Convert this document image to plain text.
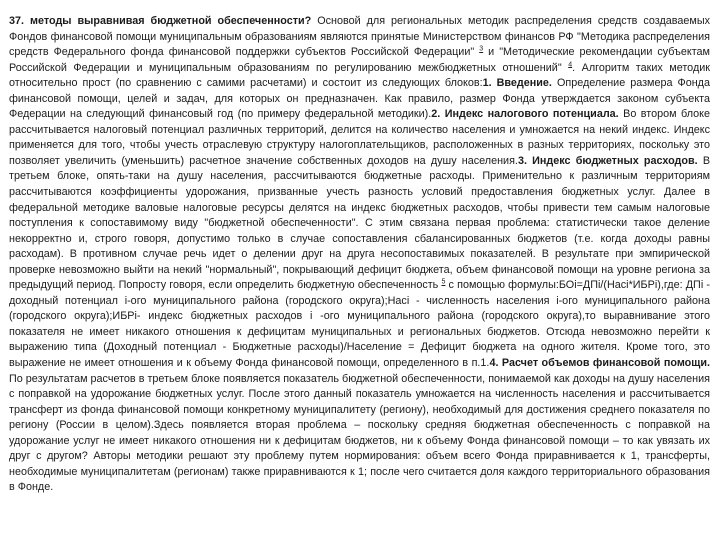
37. методы выравнивая бюджетной обеспеченности? Основой для региональных методик распределения средств создаваемых Фондов финансовой помощи муниципальным образованиям являются принятые Министерством финансов РФ "Методика распределения средств Федерального фонда финансовой поддержки субъектов Российской Федерации" $^3$ и "Методические рекомендации субъектам Российской Федерации и муниципальным образованиям по регулированию межбюджетных отношений" $^4$. Алгоритм таких методик относительно прост (по сравнению с самими расчетами) и состоит из следующих блоков:1. Введение. Определение размера Фонда финансовой помощи, целей и задач, для которых он предназначен. Как правило, размер Фонда утверждается законом субъекта Федерации на следующий финансовый год (по примеру федеральной методики).2. Индекс налогового потенциала. Во втором блоке рассчитывается налоговый потенциал различных территорий, делится на количество населения и умножается на некий индекс. Индекс применяется для того, чтобы учесть отраслевую структуру налогоплательщиков, расположенных в разных территориях, поскольку это позволяет увеличить (уменьшить) расчетное значение собственных доходов на душу населения.3. Индекс бюджетных расходов. В третьем блоке, опять-таки на душу населения, рассчитываются бюджетные расходы. Применительно к различным территориям рассчитываются коэффициенты удорожания, призванные учесть разность условий предоставления бюджетных услуг. Далее в федеральной методике валовые налоговые ресурсы делятся на индекс бюджетных расходов, чтобы привести тем самым налоговые поступления к сопоставимому виду "бюджетной обеспеченности". С этим связана первая проблема: статистически такое деление некорректно и, строго говоря, допустимо только в случае сопоставления сбалансированных бюджетов (т.е. когда доходы равны расходам). В противном случае речь идет о делении друг на друга несопоставимых показателей. В результате при эмпирической проверке невозможно выйти на некий "нормальный", покрывающий дефицит бюджета, объем финансовой помощи на уровне региона за предыдущий период. Попросту говоря, если определить бюджетную обеспеченность $^5$ с помощью формулы:БОi=ДПi/(Насi*ИБРi),где: ДПi - доходный потенциал i-ого муниципального района (городского округа);Насi - численность населения i-ого муниципального района (городского округа);ИБРi- индекс бюджетных расходов i -ого муниципального района (городского округа),то выравнивание этого показателя не имеет никакого отношения к дефицитам муниципальных и региональных бюджетов. Отсюда невозможно перейти к выражению типа (Доходный потенциал - Бюджетные расходы)/Население = Дефицит бюджета на одного жителя. Кроме того, это выражение не имеет отношения и к объему Фонда финансовой помощи, определенного в п.1.4. Расчет объемов финансовой помощи. По результатам расчетов в третьем блоке появляется показатель бюджетной обеспеченности, понимаемой как доходы на душу населения с поправкой на удорожание бюджетных услуг. После этого данный показатель умножается на численность населения и рассчитывается трансферт из фонда финансовой помощи конкретному муниципалитету (региону), необходимый для достижения среднего показателя по региону (России в целом).Здесь появляется вторая проблема – поскольку средняя бюджетная обеспеченность с поправкой на удорожание услуг не имеет никакого отношения ни к дефицитам бюджетов, ни к объему Фонда финансовой помощи – то как увязать их друг с другом? Авторы методики решают эту проблему путем нормирования: объем всего Фонда приравнивается к 1, трансферты, необходимые муниципалитетам (регионам) также приравниваются к 1; после чего считается доля каждого территориального образования в Фонде.
